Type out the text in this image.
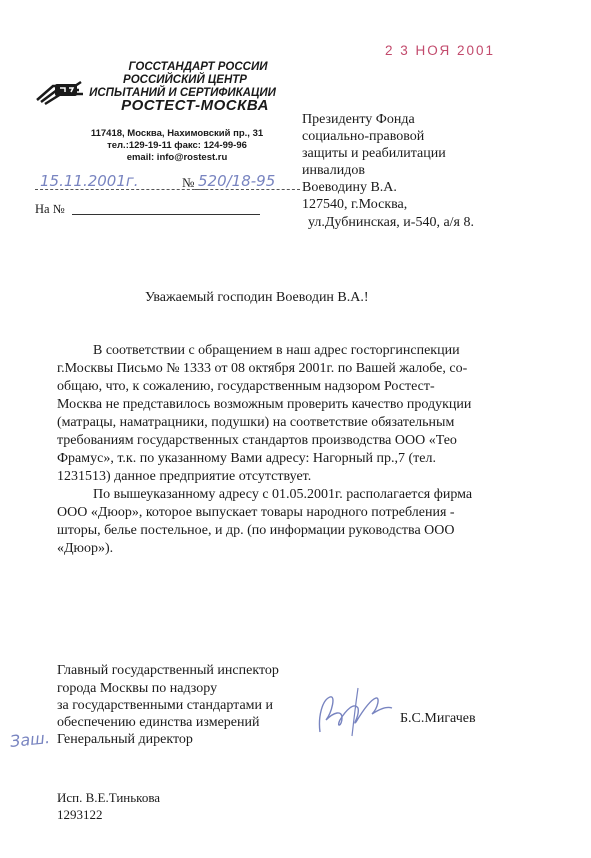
ГОССТАНДАРТ РОССИИ
РОССИЙСКИЙ ЦЕНТР
ИСПЫТАНИЙ И СЕРТИФИКАЦИИ
РОСТЕСТ-МОСКВА
117418, Москва, Нахимовский пр., 31
тел.:129-19-11 факс: 124-99-96
email: info@rostest.ru
2 3 НОЯ 2001
15.11.2001г.	№ 520/18-95
На №
Президенту Фонда
социально-правовой
защиты и реабилитации
инвалидов
Воеводину В.А.
127540, г.Москва,
ул.Дубнинская, и-540, а/я 8.
Уважаемый господин Воеводин В.А.!
В соответствии с обращением в наш адрес госторгинспекции
г.Москвы Письмо № 1333 от 08 октября 2001г. по Вашей жалобе, со-
общаю, что, к сожалению, государственным надзором Ростест-
Москва не представилось возможным проверить качество продукции
(матрацы, наматрацники, подушки) на соответствие обязательным
требованиям государственных стандартов производства ООО «Тео
Фрамус», т.к. по указанному Вами адресу: Нагорный пр.,7 (тел.
1231513) данное предприятие отсутствует.
По вышеуказанному адресу с 01.05.2001г. располагается фирма
ООО «Дюор», которое выпускает товары народного потребления -
шторы, белье постельное, и др. (по информации руководства ООО
«Дюор»).
Главный государственный инспектор
города Москвы по надзору
за государственными стандартами и
обеспечению единства измерений
Генеральный директор
Б.С.Мигачев
Заш.
Исп. В.Е.Тинькова
1293122
